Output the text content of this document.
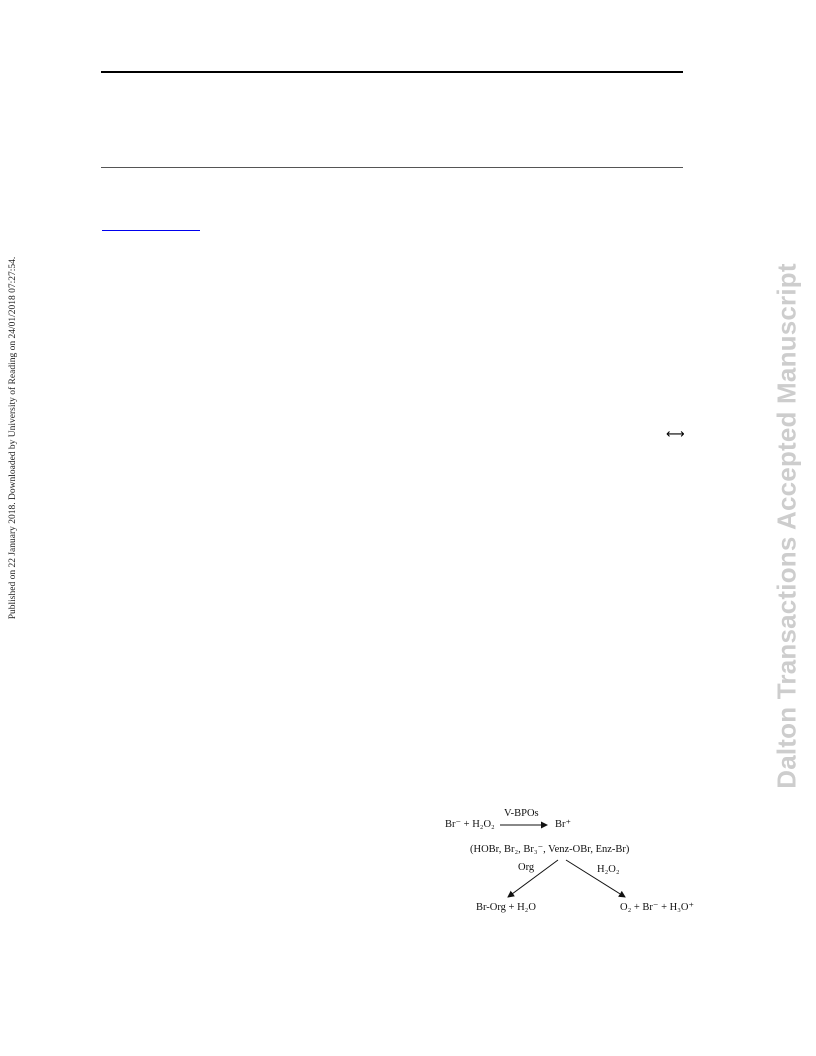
Published on 22 January 2018. Downloaded by University of Reading on 24/01/2018 07:27:54.	Dalton Transactions Accepted Manuscript
⟷
Br⁻ + H₂O₂
V-BPOs
Br⁺
(HOBr, Br₂, Br₃⁻, Venz-OBr, Enz-Br)
Org	H₂O₂
Br-Org + H₂O	O₂ + Br⁻ + H₃O⁺
